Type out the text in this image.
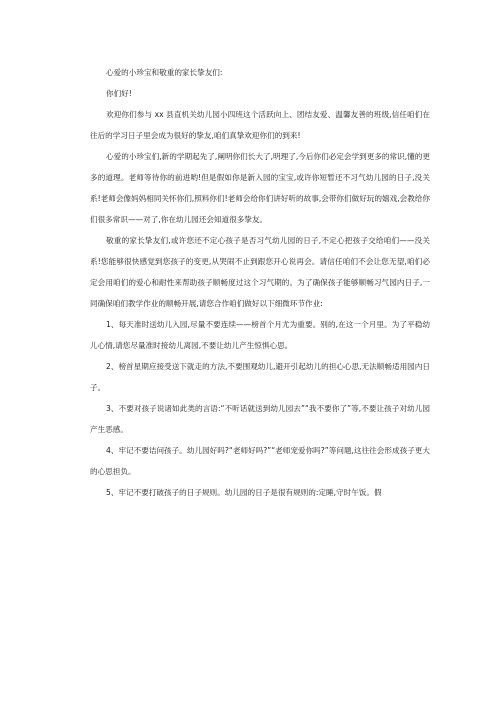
心爱的小珍宝和敬重的家长挚友们:

你们好!

欢迎你们参与 xx 县直机关幼儿园小四班这个活跃向上、团结友爱、温馨友善的班级,信任咱们在往后的学习日子里会成为很好的挚友,咱们真挚欢迎你们的到来!

心爱的小珍宝们,新的学期起先了,阐明你们长大了,明理了,今后你们必定会学到更多的常识,懂的更多的道理。老师等待你的前进哟!但是假如你是新入园的宝宝,或许你短暂还不习气幼儿园的日子,没关系!老师会像妈妈相同关怀你们,照料你们!老师会给你们讲好听的故事,会带你们做好玩的嬉戏,会教给你们很多常识——对了,你在幼儿园还会知道很多挚友。

敬重的家长挚友们,或许您还不定心孩子是否习气幼儿园的日子,不定心把孩子交给咱们——没关系!您能够很快感觉到您孩子的变更,从哭闹不止到跟您开心说再会。请信任咱们不会让您无望,咱们必定会用咱们的爱心和耐性来帮助孩子顺畅度过这个习气期的。为了确保孩子能够顺畅习气园内日子,一同确保咱们教学作业的顺畅开展,请您合作咱们做好以下细微环节作业:

1、每天准时送幼儿入园,尽量不要连续——榜首个月尤为重要。别的,在这一个月里。为了平稳幼儿心情,请您尽量准时接幼儿离园,不要让幼儿产生惊惧心思。

2、榜首星期应接受送下就走的方法,不要围观幼儿,避开引起幼儿的担心心思,无法顺畅适用园内日子。

3、不要对孩子说诸如此类的言语:“不听话就送到幼儿园去”“我不要你了”等,不要让孩子对幼儿园产生恶感。

4、牢记不要诘问孩子。幼儿园好吗?“老师好吗?”“老师宠爱你吗?”等问题,这往往会形成孩子更大的心思担负。

5、牢记不要打破孩子的日子规则。幼儿园的日子是很有规则的:定睡,守时午饭。假
